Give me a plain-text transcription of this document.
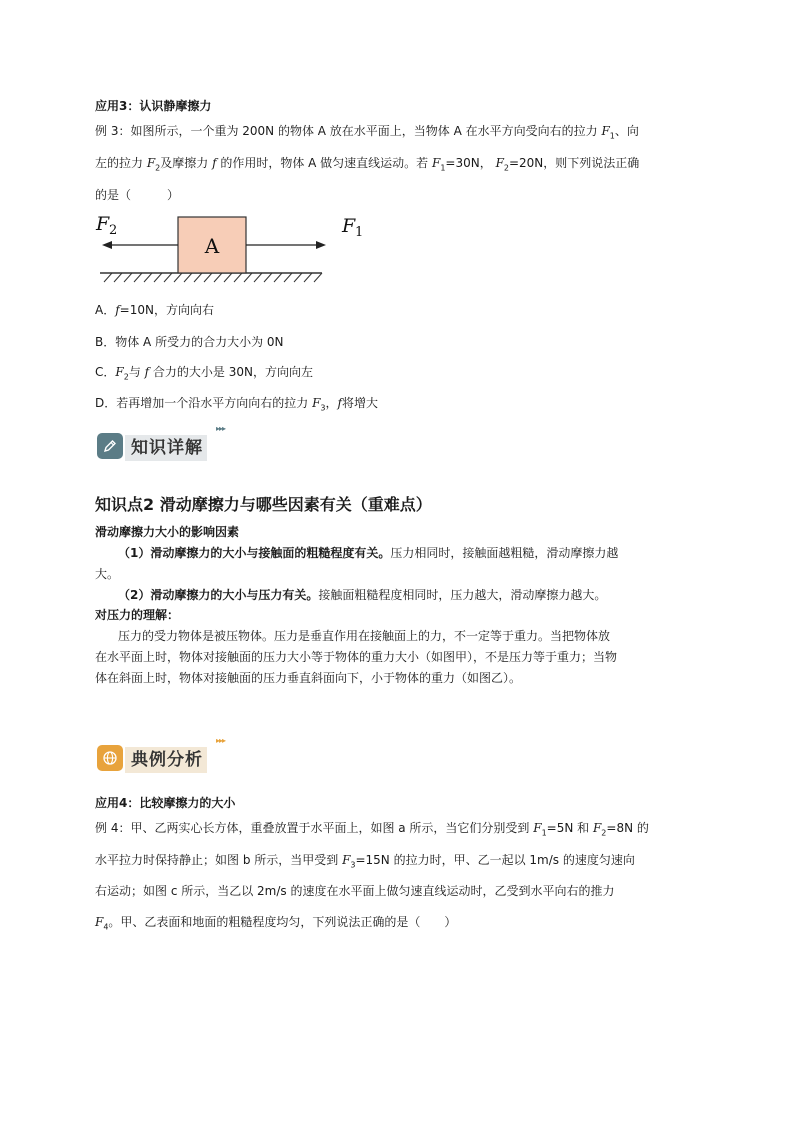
应用3：认识静摩擦力
例 3：如图所示，一个重为 200N 的物体 A 放在水平面上，当物体 A 在水平方向受向右的拉力 $F_1$、向
左的拉力 $F_2$及摩擦力 f 的作用时，物体 A 做匀速直线运动。若 $F_1=30N$， $F_2=20N$，则下列说法正确
的是（　　　）
A
F 2	F 1
A．f=10N，方向向右
B．物体 A 所受力的合力大小为 0N
C．$F_2$与 f 合力的大小是 30N，方向向左
D．若再增加一个沿水平方向向右的拉力 $F_3$，f将增大
知识详解
▸▸▸
知识点2 滑动摩擦力与哪些因素有关（重难点）
滑动摩擦力大小的影响因素
（1）滑动摩擦力的大小与接触面的粗糙程度有关。压力相同时，接触面越粗糙，滑动摩擦力越
大。
（2）滑动摩擦力的大小与压力有关。接触面粗糙程度相同时，压力越大，滑动摩擦力越大。
对压力的理解：
压力的受力物体是被压物体。压力是垂直作用在接触面上的力，不一定等于重力。当把物体放
在水平面上时，物体对接触面的压力大小等于物体的重力大小（如图甲），不是压力等于重力；当物
体在斜面上时，物体对接触面的压力垂直斜面向下，小于物体的重力（如图乙）。
典例分析
▸▸▸
应用4：比较摩擦力的大小
例 4：甲、乙两实心长方体，重叠放置于水平面上，如图 a 所示，当它们分别受到 $F_1=5N$ 和 $F_2=8N$ 的
水平拉力时保持静止；如图 b 所示，当甲受到 $F_3=15N$ 的拉力时，甲、乙一起以 1m/s 的速度匀速向
右运动；如图 c 所示，当乙以 2m/s 的速度在水平面上做匀速直线运动时，乙受到水平向右的推力
$F_4$。甲、乙表面和地面的粗糙程度均匀，下列说法正确的是（　　）
